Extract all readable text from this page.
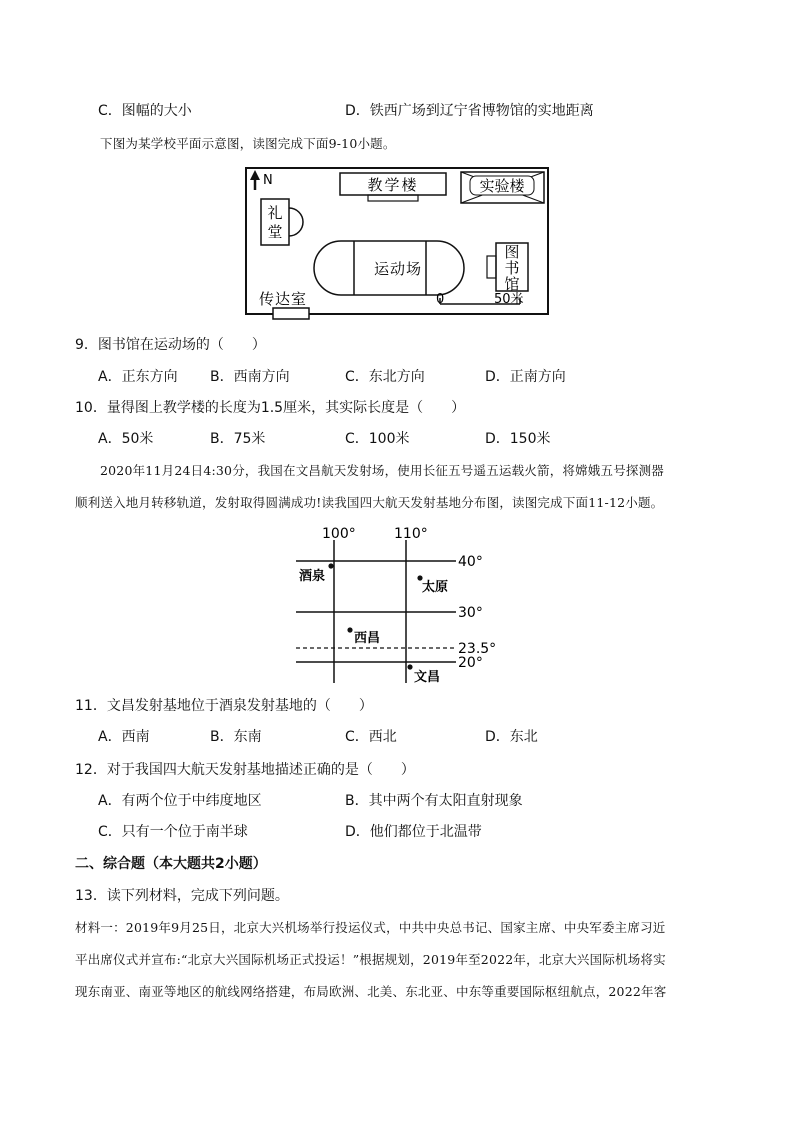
C．图幅的大小	D．铁西广场到辽宁省博物馆的实地距离
下图为某学校平面示意图，读图完成下面9-10小题。
N	教学楼	实验楼
礼
堂
运动场
图
书
馆
传达室	0	50米
9．图书馆在运动场的（　　）
A．正东方向 B．西南方向	C．东北方向	D．正南方向
10．量得图上教学楼的长度为1.5厘米，其实际长度是（　　）
A．50米	B．75米	C．100米	D．150米
2020年11月24日4:30分，我国在文昌航天发射场，使用长征五号遥五运载火箭，将嫦娥五号探测器
顺利送入地月转移轨道，发射取得圆满成功!读我国四大航天发射基地分布图，读图完成下面11-12小题。
100°	110°
40°
30°
23.5°
20°
酒泉
太原
西昌
文昌
11．文昌发射基地位于酒泉发射基地的（　　）
A．西南	B．东南	C．西北	D．东北
12．对于我国四大航天发射基地描述正确的是（　　）
A．有两个位于中纬度地区	B．其中两个有太阳直射现象
C．只有一个位于南半球	D．他们都位于北温带
二、综合题（本大题共2小题）
13．读下列材料，完成下列问题。
材料一：2019年9月25日，北京大兴机场举行投运仪式，中共中央总书记、国家主席、中央军委主席习近
平出席仪式并宣布:“北京大兴国际机场正式投运！”根据规划，2019年至2022年，北京大兴国际机场将实
现东南亚、南亚等地区的航线网络搭建，布局欧洲、北美、东北亚、中东等重要国际枢纽航点，2022年客
